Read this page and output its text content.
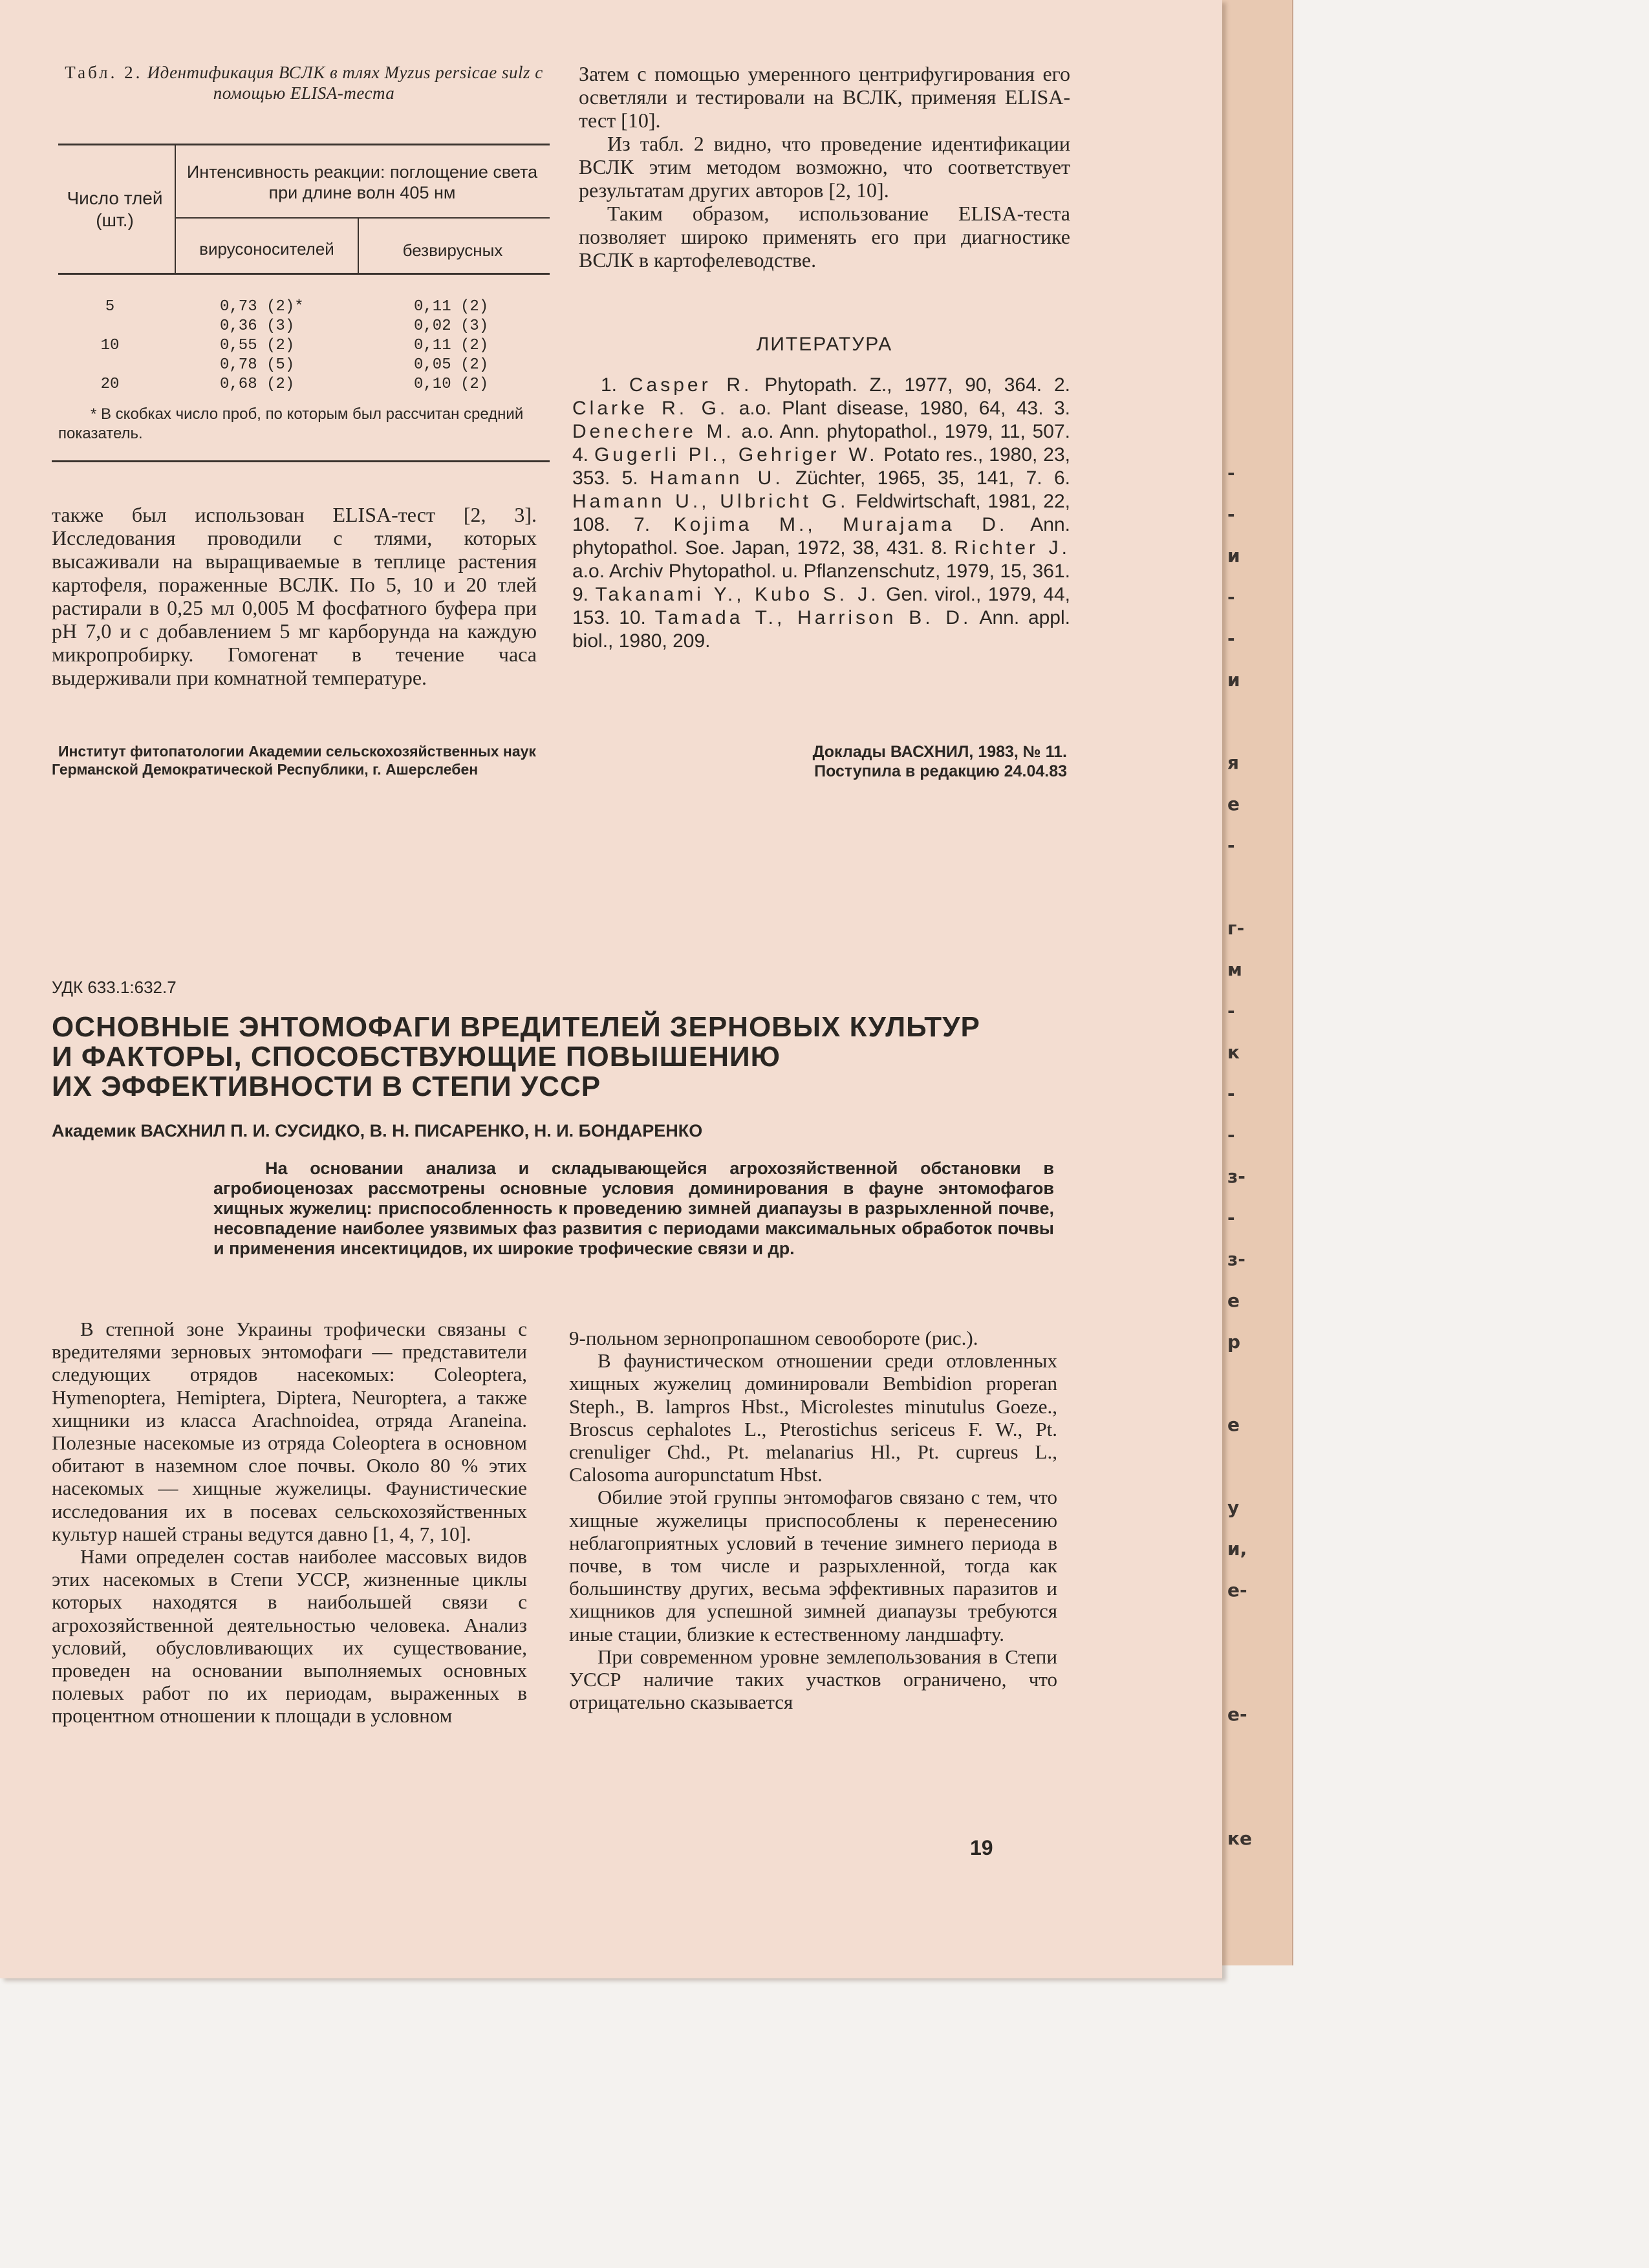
-
-
и
-
-
и
я
е
-
г-
м
-
к
-
-
з-
-
з-
е
р
е
у
и,
е-
е-
ке
Табл. 2. Идентификация ВСЛК в тлях Myzus persicae sulz с помощью ELISA-теста
Число тлей (шт.)
Интенсивность реакции: поглощение света при длине волн 405 нм
вирусоносителей	безвирусных
5	0,73 (2)*	0,11 (2)
0,36 (3)	0,02 (3)
10	0,55 (2)	0,11 (2)
0,78 (5)	0,05 (2)
20	0,68 (2)	0,10 (2)
* В скобках число проб, по которым был рассчитан средний показатель.

Затем с помощью умеренного центрифугирования его осветляли и тестировали на ВСЛК, применяя ELISA-тест [10].

Из табл. 2 видно, что проведение идентификации ВСЛК этим методом возможно, что соответствует результатам других авторов [2, 10].

Таким образом, использование ELISA-теста позволяет широко применять его при диагностике ВСЛК в картофелеводстве.

ЛИТЕРАТУРА
1. Casper R. Phytopath. Z., 1977, 90, 364. 2. Clarke R. G. a.o. Plant disease, 1980, 64, 43. 3. Denechere M. a.o. Ann. phytopathol., 1979, 11, 507. 4. Gugerli Pl., Gehriger W. Potato res., 1980, 23, 353. 5. Hamann U. Züchter, 1965, 35, 141, 7. 6. Hamann U., Ulbricht G. Feldwirtschaft, 1981, 22, 108. 7. Kojima M., Murajama D. Ann. phytopathol. Soe. Japan, 1972, 38, 431. 8. Richter J. a.o. Archiv Phytopathol. u. Pflanzenschutz, 1979, 15, 361. 9. Takanami Y., Kubo S. J. Gen. virol., 1979, 44, 153. 10. Tamada T., Harrison B. D. Ann. appl. biol., 1980, 209.

также был использован ELISA-тест [2, 3]. Исследования проводили с тлями, которых высаживали на выращиваемые в теплице растения картофеля, пораженные ВСЛК. По 5, 10 и 20 тлей растирали в 0,25 мл 0,005 М фосфатного буфера при рН 7,0 и с добавлением 5 мг карборунда на каждую микропробирку. Гомогенат в течение часа выдерживали при комнатной температуре.

Институт фитопатологии Академии сельскохозяйственных наук Германской Демократической Республики, г. Ашерслебен
Доклады ВАСХНИЛ, 1983, № 11.
Поступила в редакцию 24.04.83
УДК 633.1:632.7
ОСНОВНЫЕ ЭНТОМОФАГИ ВРЕДИТЕЛЕЙ ЗЕРНОВЫХ КУЛЬТУР
И ФАКТОРЫ, СПОСОБСТВУЮЩИЕ ПОВЫШЕНИЮ
ИХ ЭФФЕКТИВНОСТИ В СТЕПИ УССР
Академик ВАСХНИЛ П. И. СУСИДКО, В. Н. ПИСАРЕНКО, Н. И. БОНДАРЕНКО
На основании анализа и складывающейся агрохозяйственной обстановки в агробиоценозах рассмотрены основные условия доминирования в фауне энтомофагов хищных жужелиц: приспособленность к проведению зимней диапаузы в разрыхленной почве, несовпадение наиболее уязвимых фаз развития с периодами максимальных обработок почвы и применения инсектицидов, их широкие трофические связи и др.

В степной зоне Украины трофически связаны с вредителями зерновых энтомофаги — представители следующих отрядов насекомых: Coleoptera, Hymenoptera, Hemiptera, Diptera, Neuroptera, а также хищники из класса Arachnoidea, отряда Araneina. Полезные насекомые из отряда Coleoptera в основном обитают в наземном слое почвы. Около 80 % этих насекомых — хищные жужелицы. Фаунистические исследования их в посевах сельскохозяйственных культур нашей страны ведутся давно [1, 4, 7, 10].

Нами определен состав наиболее массовых видов этих насекомых в Степи УССР, жизненные циклы которых находятся в наибольшей связи с агрохозяйственной деятельностью человека. Анализ условий, обусловливающих их существование, проведен на основании выполняемых основных полевых работ по их периодам, выраженных в процентном отношении к площади в условном

9-польном зернопропашном севообороте (рис.).

В фаунистическом отношении среди отловленных хищных жужелиц доминировали Bembidion properan Steph., B. lampros Hbst., Microlestes minutulus Goeze., Broscus cephalotes L., Pterostichus sericeus F. W., Pt. crenuliger Chd., Pt. melanarius Hl., Pt. cupreus L., Calosoma auropunctatum Hbst.

Обилие этой группы энтомофагов связано с тем, что хищные жужелицы приспособлены к перенесению неблагоприятных условий в течение зимнего периода в почве, в том числе и разрыхленной, тогда как большинству других, весьма эффективных паразитов и хищников для успешной зимней диапаузы требуются иные стации, близкие к естественному ландшафту.

При современном уровне землепользования в Степи УССР наличие таких участков ограничено, что отрицательно сказывается

19
